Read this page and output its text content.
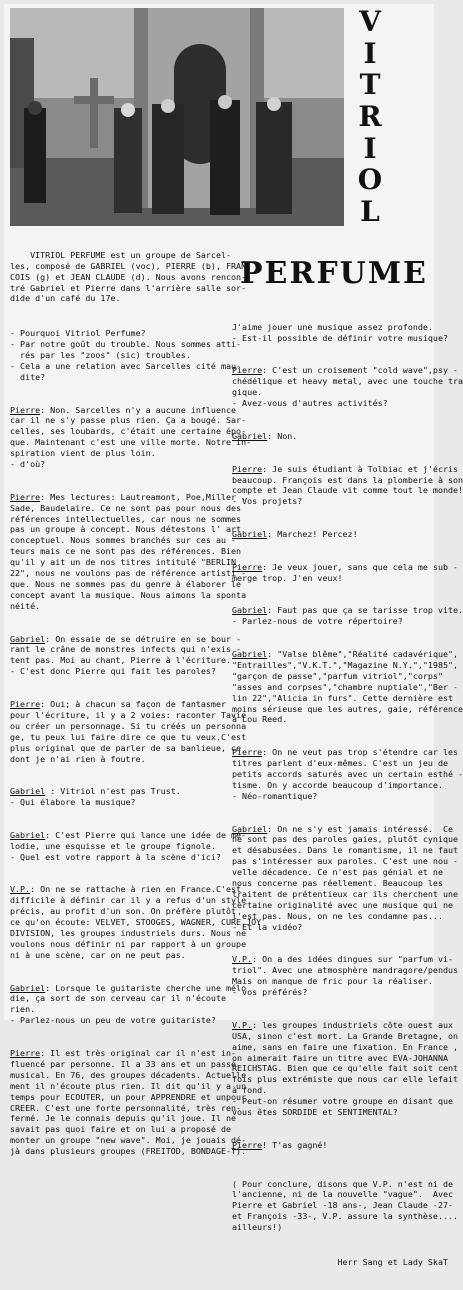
V
I
T
R
I
O
L
PERFUME

VITRIOL PERFUME est un groupe de Sarcel-
les, composé de GABRIEL (voc), PIERRE (b), FRAN
COIS (g) et JEAN CLAUDE (d). Nous avons rencon-
tré Gabriel et Pierre dans l'arrière salle sor-
dide d'un café du 17e.

- Pourquoi Vitriol Perfume?
- Par notre goût du trouble. Nous sommes atti-
rés par les "zoos" (sic) troubles.
- Cela a une relation avec Sarcelles cité mau-
dite?

Pierre: Non. Sarcelles n'y a aucune influence
car il ne s'y passe plus rien. Ça a bougé. Sar-
celles, ses loubards, c'était une certaine épo-
que. Maintenant c'est une ville morte. Notre in-
spiration vient de plus loin.
- d'où?

Pierre: Mes lectures: Lautreamont, Poe,Miller ,
Sade, Baudelaire. Ce ne sont pas pour nous des
références intellectuelles, car nous ne sommes
pas un groupe à concept. Nous détestons l' art
conceptuel. Nous sommes branchés sur ces au -
teurs mais ce ne sont pas des références. Bien
qu'il y ait un de nos titres intitulé "BERLIN
22", nous ne voulons pas de référence artisti -
que. Nous ne sommes pas du genre à élaborer le
concept avant la musique. Nous aimons la sponta
néité.

Gabriel: On essaie de se détruire en se bour -
rant le crâne de monstres infects qui n'exis -
tent pas. Moi au chant, Pierre à l'écriture.
- C'est donc Pierre qui fait les paroles?

Pierre: Oui; à chacun sa façon de fantasmer
pour l'écriture, il y a 2 voies: raconter Tavie
ou créer un personnage. Si tu créés un personna
ge, tu peux lui faire dire ce que tu veux.C'est
plus original que de parler de sa banlieue, ce
dont je n'ai rien à foutre.

Gabriel : Vitriol n'est pas Trust.
- Qui élabore la musique?

Gabriel: C'est Pierre qui lance une idée de mé-
lodie, une esquisse et le groupe fignole.
- Quel est votre rapport à la scène d'ici?

V.P.: On ne se rattache à rien en France.C'est
difficile à définir car il y a refus d'un style
précis, au profit d'un son. On préfère plutôt
ce qu'on écoute: VELVET, STOOGES, WAGNER, CURE,JOY
DIVISION, les groupes industriels durs. Nous ne
voulons nous définir ni par rapport à un groupe
ni à une scène, car on ne peut pas.

Gabriel: Lorsque le guitariste cherche une mélo
die, ça sort de son cerveau car il n'écoute
rien.
- Parlez-nous un peu de votre guitariste?

Pierre: Il est très original car il n'est in-
fluencé par personne. Il a 33 ans et un passé
musical. En 76, des groupes décadents. Actuelle
ment il n'écoute plus rien. Il dit qu'il y a un
temps pour ECOUTER, un pour APPRENDRE et unpour
CREER. C'est une forte personnalité, très ren-
fermé. Je le connais depuis qu'il joue. Il ne
savait pas quoi faire et on lui a proposé de
monter un groupe "new wave". Moi, je jouais dé-
jà dans plusieurs groupes (FREITOD, BONDAGE-T).

J'aime jouer une musique assez profonde.
- Est-il possible de définir votre musique?

Pierre: C'est un croisement "cold wave",psy -
chédélique et heavy metal, avec une touche tra
gique.
- Avez-vous d'autres activités?

Gabriel: Non.

Pierre: Je suis étudiant à Tolbiac et j'écris
beaucoup. François est dans la plomberie à son
compte et Jean Claude vit comme tout le monde!
- Vos projets?

Gabriel: Marchez! Percez!

Pierre: Je veux jouer, sans que cela me sub -
merge trop. J'en veux!

Gabriel: Faut pas que ça se tarisse trop vite.
- Parlez-nous de votre répertoire?

Gabriel: "Valse blême","Réalité cadavérique",
"Entrailles","V.K.T.","Magazine N.Y.","1985",
"garçon de passe","parfum vitriol","corps"
"asses and corpses","chambre nuptiale","Ber -
lin 22","Alicia in furs". Cette dernière est
moins sérieuse que les autres, gaie, référence
à Lou Reed.

Pierre: On ne veut pas trop s'étendre car les
titres parlent d'eux-mêmes. C'est un jeu de
petits accords saturés avec un certain esthé -
tisme. On y accorde beaucoup d'importance.
- Néo-romantique?

Gabriel: On ne s'y est jamais intéressé.  Ce
ne sont pas des paroles gaies, plutôt cynique
et désabusées. Dans le romantisme, il ne faut
pas s'intéresser aux paroles. C'est une nou -
velle décadence. Ce n'est pas génial et ne
nous concerne pas réellement. Beaucoup les
traitent de prétentieux car ils cherchent une
certaine originalité avec une musique qui ne
l'est pas. Nous, on ne les condamne pas...
- Et la vidéo?

V.P.: On a des idées dingues sur "parfum vi-
triol". Avec une atmosphère mandragore/pendus
Mais on manque de fric pour la réaliser.
- vos préférés?

V.P.: les groupes industriels côte ouest aux
USA, sinon c'est mort. La Grande Bretagne, on
aime, sans en faire une fixation. En France ,
on aimerait faire un titre avec EVA-JOHANNA
REICHSTAG. Bien que ce qu'elle fait soit cent
fois plus extrémiste que nous car elle lefait
à fond.
- Peut-on résumer votre groupe en disant que
vous êtes SORDIDE et SENTIMENTAL?

Pierre! T'as gagné!

( Pour conclure, disons que V.P. n'est ni de
l'ancienne, ni de la nouvelle "vague".  Avec
Pierre et Gabriel -18 ans-, Jean Claude -27-
et François -33-, V.P. assure la synthèse....
ailleurs!)

Herr Sang et Lady SkaT
